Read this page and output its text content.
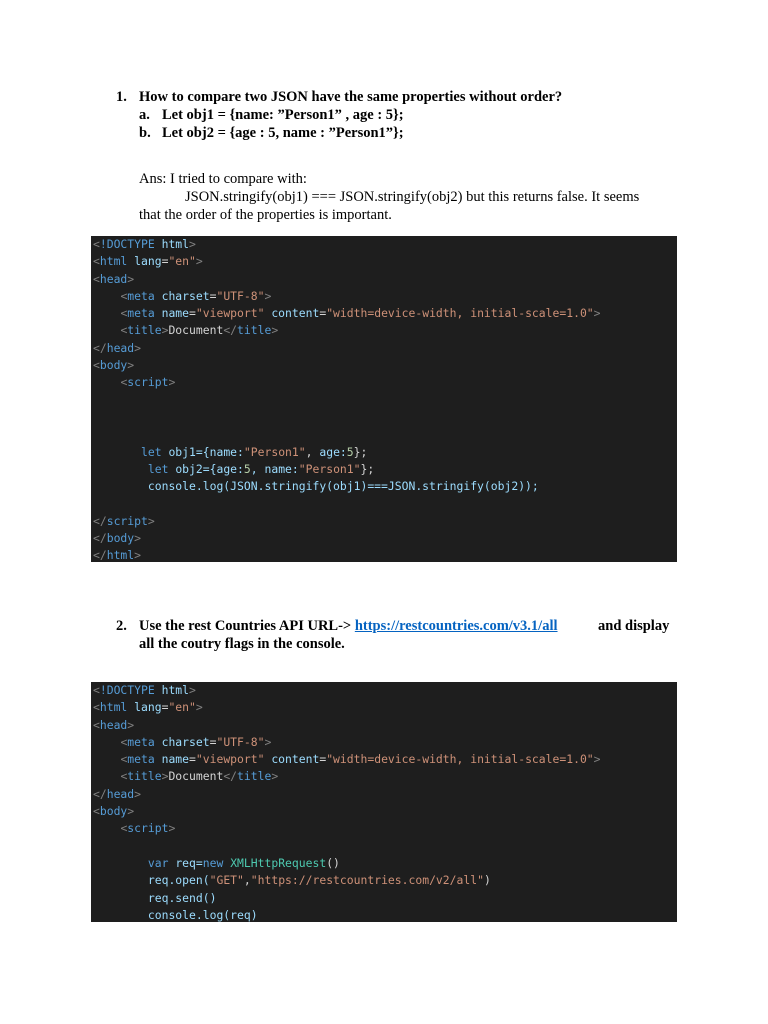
1. How to compare two JSON have the same properties without order?
a. Let obj1 = {name: ”Person1” , age : 5};
b. Let obj2 = {age : 5, name : ”Person1”};
Ans: I tried to compare with:
JSON.stringify(obj1) === JSON.stringify(obj2) but this returns false. It seems
that the order of the properties is important.
<!DOCTYPE html>
<html lang="en">
<head>
<meta charset="UTF-8">
<meta name="viewport" content="width=device-width, initial-scale=1.0">
<title>Document</title>
</head>
<body>
<script>

let obj1={name:"Person1", age:5};
let obj2={age:5, name:"Person1"};
console.log(JSON.stringify(obj1)===JSON.stringify(obj2));

</script>
</body>
</html>
2. Use the rest Countries API URL-> https://restcountries.com/v3.1/all	and display
all the coutry flags in the console.
<!DOCTYPE html>
<html lang="en">
<head>
<meta charset="UTF-8">
<meta name="viewport" content="width=device-width, initial-scale=1.0">
<title>Document</title>
</head>
<body>
<script>

var req=new XMLHttpRequest()
req.open("GET","https://restcountries.com/v2/all")
req.send()
console.log(req)
